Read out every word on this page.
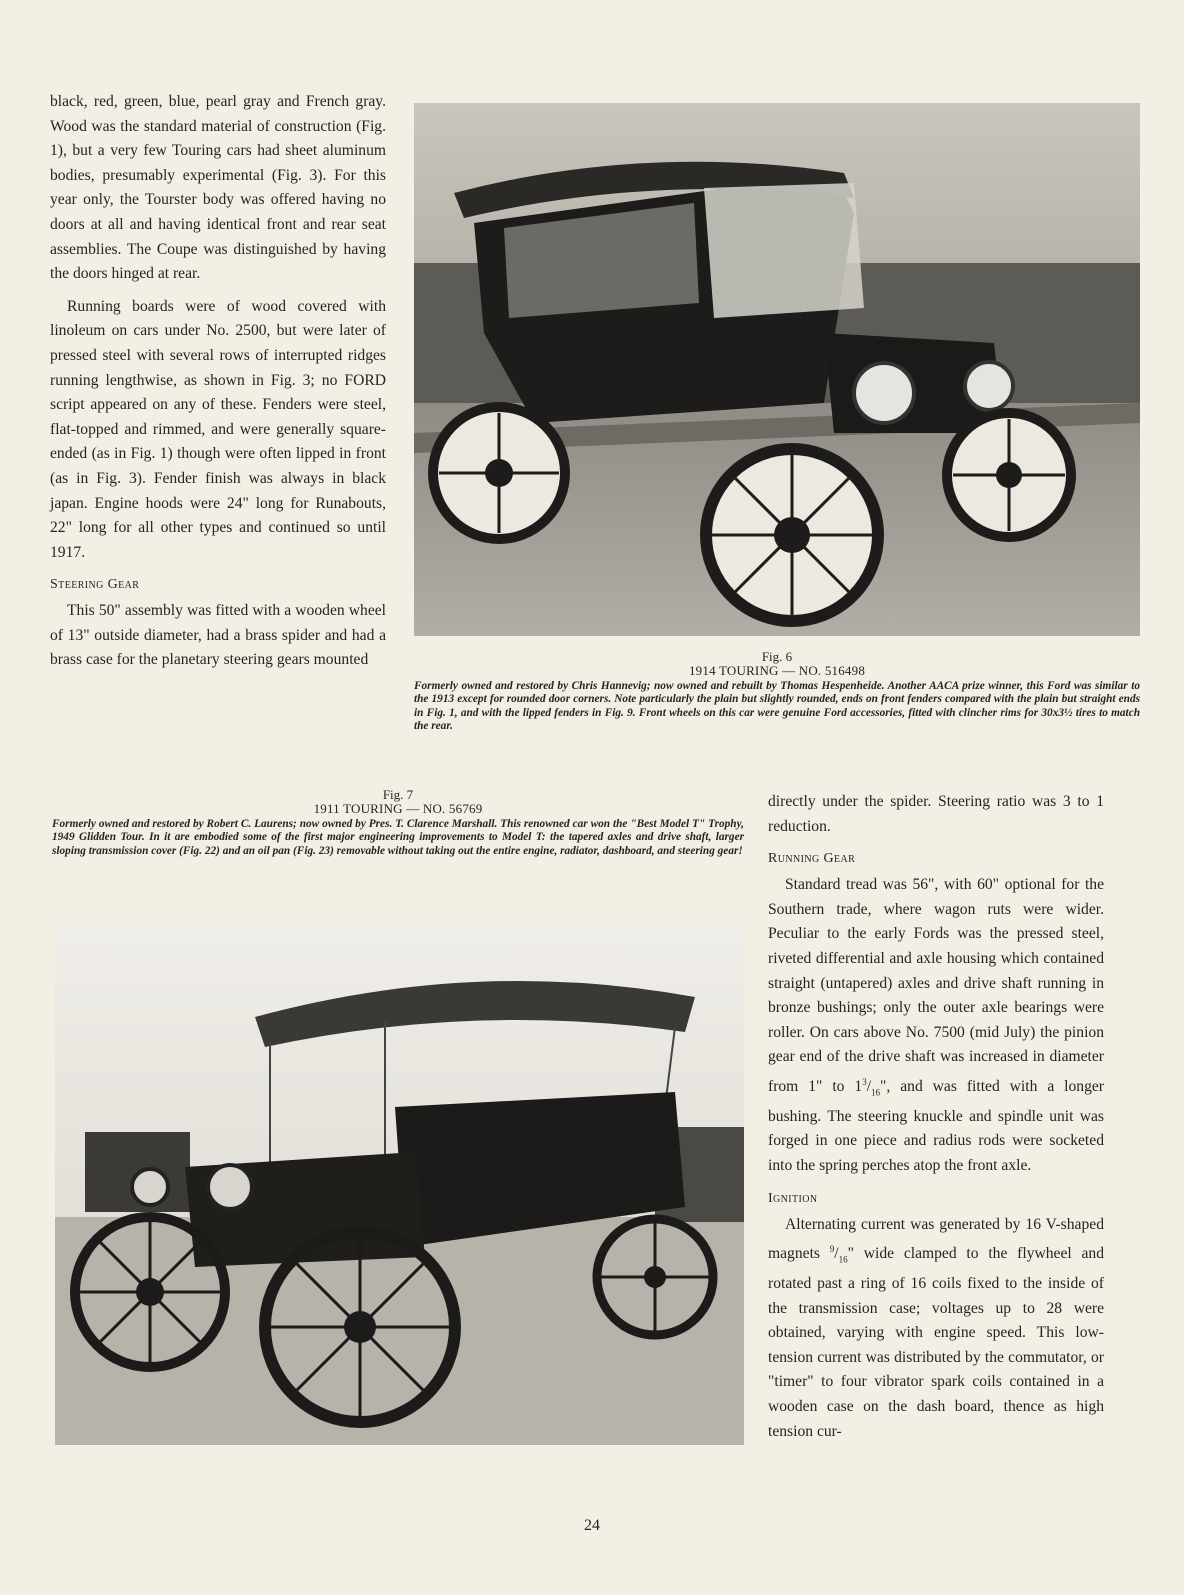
black, red, green, blue, pearl gray and French gray. Wood was the standard material of construction (Fig. 1), but a very few Touring cars had sheet aluminum bodies, presumably experimental (Fig. 3). For this year only, the Tourster body was offered having no doors at all and having identical front and rear seat assemblies. The Coupe was distinguished by having the doors hinged at rear.

Running boards were of wood covered with linoleum on cars under No. 2500, but were later of pressed steel with several rows of interrupted ridges running lengthwise, as shown in Fig. 3; no FORD script appeared on any of these. Fenders were steel, flat-topped and rimmed, and were generally square-ended (as in Fig. 1) though were often lipped in front (as in Fig. 3). Fender finish was always in black japan. Engine hoods were 24" long for Runabouts, 22" long for all other types and continued so until 1917.

Steering Gear

This 50" assembly was fitted with a wooden wheel of 13" outside diameter, had a brass spider and had a brass case for the planetary steering gears mounted	Fig. 6
1914 TOURING — NO. 516498
Formerly owned and restored by Chris Hannevig; now owned and rebuilt by Thomas Hespenheide. Another AACA prize winner, this Ford was similar to the 1913 except for rounded door corners. Note particularly the plain but slightly rounded, ends on front fenders compared with the plain but straight ends in Fig. 1, and with the lipped fenders in Fig. 9. Front wheels on this car were genuine Ford accessories, fitted with clincher rims for 30x3½ tires to match the rear.
Fig. 7
1911 TOURING — NO. 56769
Formerly owned and restored by Robert C. Laurens; now owned by Pres. T. Clarence Marshall. This renowned car won the "Best Model T" Trophy, 1949 Glidden Tour. In it are embodied some of the first major engineering improvements to Model T: the tapered axles and drive shaft, larger sloping transmission cover (Fig. 22) and an oil pan (Fig. 23) removable without taking out the entire engine, radiator, dashboard, and steering gear!

directly under the spider. Steering ratio was 3 to 1 reduction.

Running Gear

Standard tread was 56", with 60" optional for the Southern trade, where wagon ruts were wider. Peculiar to the early Fords was the pressed steel, riveted differential and axle housing which contained straight (untapered) axles and drive shaft running in bronze bushings; only the outer axle bearings were roller. On cars above No. 7500 (mid July) the pinion gear end of the drive shaft was increased in diameter from 1" to $1^3/_{16}$", and was fitted with a longer bushing. The steering knuckle and spindle unit was forged in one piece and radius rods were socketed into the spring perches atop the front axle.

Ignition

Alternating current was generated by 16 V-shaped magnets $^9/_{16}$" wide clamped to the flywheel and rotated past a ring of 16 coils fixed to the inside of the transmission case; voltages up to 28 were obtained, varying with engine speed. This low-tension current was distributed by the commutator, or "timer" to four vibrator spark coils contained in a wooden case on the dash board, thence as high tension cur-

24
